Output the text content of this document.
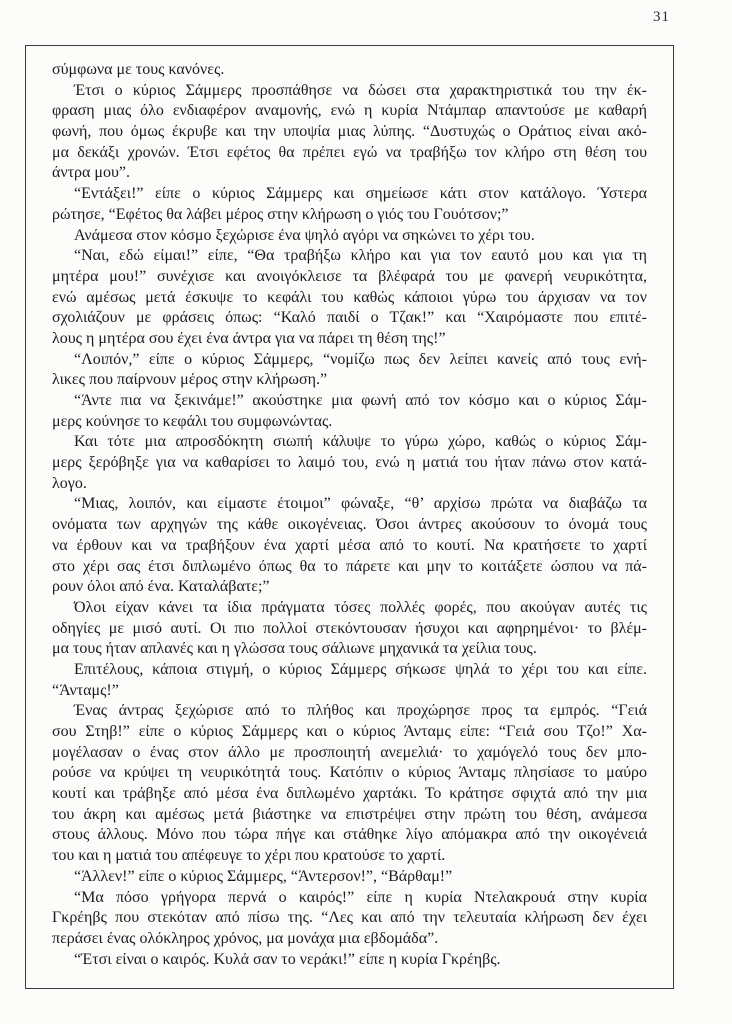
31
σύμφωνα με τους κανόνες.
Έτσι ο κύριος Σάμμερς προσπάθησε να δώσει στα χαρακτηριστικά του την έκ-
φραση μιας όλο ενδιαφέρον αναμονής, ενώ η κυρία Ντάμπαρ απαντούσε με καθαρή
φωνή, που όμως έκρυβε και την υποψία μιας λύπης. “Δυστυχώς ο Οράτιος είναι ακό-
μα δεκάξι χρονών. Έτσι εφέτος θα πρέπει εγώ να τραβήξω τον κλήρο στη θέση του
άντρα μου”.
“Εντάξει!” είπε ο κύριος Σάμμερς και σημείωσε κάτι στον κατάλογο. Ύστερα
ρώτησε, “Εφέτος θα λάβει μέρος στην κλήρωση ο γιός του Γουότσον;”
Ανάμεσα στον κόσμο ξεχώρισε ένα ψηλό αγόρι να σηκώνει το χέρι του.
“Ναι, εδώ είμαι!” είπε, “Θα τραβήξω κλήρο και για τον εαυτό μου και για τη
μητέρα μου!” συνέχισε και ανοιγόκλεισε τα βλέφαρά του με φανερή νευρικότητα,
ενώ αμέσως μετά έσκυψε το κεφάλι του καθώς κάποιοι γύρω του άρχισαν να τον
σχολιάζουν με φράσεις όπως: “Καλό παιδί ο Τζακ!” και “Χαιρόμαστε που επιτέ-
λους η μητέρα σου έχει ένα άντρα για να πάρει τη θέση της!”
“Λοιπόν,” είπε ο κύριος Σάμμερς, “νομίζω πως δεν λείπει κανείς από τους ενή-
λικες που παίρνουν μέρος στην κλήρωση.”
“Άντε πια να ξεκινάμε!” ακούστηκε μια φωνή από τον κόσμο και ο κύριος Σάμ-
μερς κούνησε το κεφάλι του συμφωνώντας.
Και τότε μια απροσδόκητη σιωπή κάλυψε το γύρω χώρο, καθώς ο κύριος Σάμ-
μερς ξερόβηξε για να καθαρίσει το λαιμό του, ενώ η ματιά του ήταν πάνω στον κατά-
λογο.
“Μιας, λοιπόν, και είμαστε έτοιμοι” φώναξε, “θ’ αρχίσω πρώτα να διαβάζω τα
ονόματα των αρχηγών της κάθε οικογένειας. Όσοι άντρες ακούσουν το όνομά τους
να έρθουν και να τραβήξουν ένα χαρτί μέσα από το κουτί. Να κρατήσετε το χαρτί
στο χέρι σας έτσι διπλωμένο όπως θα το πάρετε και μην το κοιτάξετε ώσπου να πά-
ρουν όλοι από ένα. Καταλάβατε;”
Όλοι είχαν κάνει τα ίδια πράγματα τόσες πολλές φορές, που ακούγαν αυτές τις
οδηγίες με μισό αυτί. Οι πιο πολλοί στεκόντουσαν ήσυχοι και αφηρημένοι· το βλέμ-
μα τους ήταν απλανές και η γλώσσα τους σάλιωνε μηχανικά τα χείλια τους.
Επιτέλους, κάποια στιγμή, ο κύριος Σάμμερς σήκωσε ψηλά το χέρι του και είπε.
“Άνταμς!”
Ένας άντρας ξεχώρισε από το πλήθος και προχώρησε προς τα εμπρός. “Γειά
σου Στηβ!” είπε ο κύριος Σάμμερς και ο κύριος Άνταμς είπε: “Γειά σου Τζο!” Χα-
μογέλασαν ο ένας στον άλλο με προσποιητή ανεμελιά· το χαμόγελό τους δεν μπο-
ρούσε να κρύψει τη νευρικότητά τους. Κατόπιν ο κύριος Άνταμς πλησίασε το μαύρο
κουτί και τράβηξε από μέσα ένα διπλωμένο χαρτάκι. Το κράτησε σφιχτά από την μια
του άκρη και αμέσως μετά βιάστηκε να επιστρέψει στην πρώτη του θέση, ανάμεσα
στους άλλους. Μόνο που τώρα πήγε και στάθηκε λίγο απόμακρα από την οικογένειά
του και η ματιά του απέφευγε το χέρι που κρατούσε το χαρτί.
“Άλλεν!” είπε ο κύριος Σάμμερς, “Άντερσον!”, “Βάρθαμ!”
“Μα πόσο γρήγορα περνά ο καιρός!” είπε η κυρία Ντελακρουά στην κυρία
Γκρέηβς που στεκόταν από πίσω της. “Λες και από την τελευταία κλήρωση δεν έχει
περάσει ένας ολόκληρος χρόνος, μα μονάχα μια εβδομάδα”.
“Έτσι είναι ο καιρός. Κυλά σαν το νεράκι!” είπε η κυρία Γκρέηβς.
